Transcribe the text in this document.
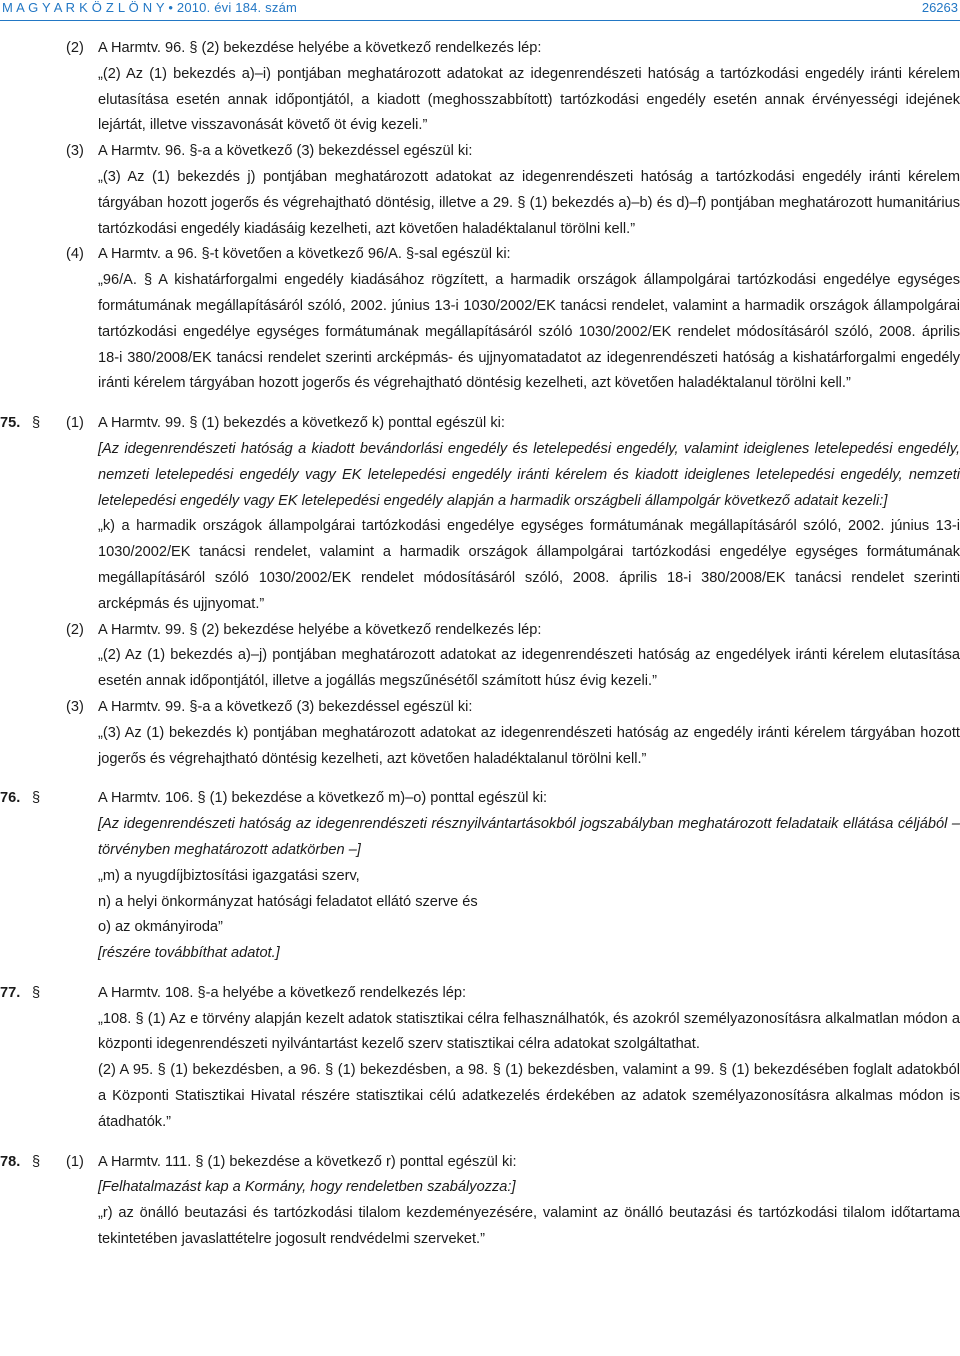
M A G Y A R K Ö Z L Ö N Y • 2010. évi 184. szám	26263
(2) A Harmtv. 96. § (2) bekezdése helyébe a következő rendelkezés lép:
„(2) Az (1) bekezdés a)–i) pontjában meghatározott adatokat az idegenrendészeti hatóság a tartózkodási engedély iránti kérelem elutasítása esetén annak időpontjától, a kiadott (meghosszabbított) tartózkodási engedély esetén annak érvényességi idejének lejártát, illetve visszavonását követő öt évig kezeli.”
(3) A Harmtv. 96. §-a a következő (3) bekezdéssel egészül ki:
„(3) Az (1) bekezdés j) pontjában meghatározott adatokat az idegenrendészeti hatóság a tartózkodási engedély iránti kérelem tárgyában hozott jogerős és végrehajtható döntésig, illetve a 29. § (1) bekezdés a)–b) és d)–f) pontjában meghatározott humanitárius tartózkodási engedély kiadásáig kezelheti, azt követően haladéktalanul törölni kell.”
(4) A Harmtv. a 96. §-t követően a következő 96/A. §-sal egészül ki:
„96/A. § A kishatárforgalmi engedély kiadásához rögzített, a harmadik országok állampolgárai tartózkodási engedélye egységes formátumának megállapításáról szóló, 2002. június 13-i 1030/2002/EK tanácsi rendelet, valamint a harmadik országok állampolgárai tartózkodási engedélye egységes formátumának megállapításáról szóló 1030/2002/EK rendelet módosításáról szóló, 2008. április 18-i 380/2008/EK tanácsi rendelet szerinti arcképmás- és ujjnyomatadatot az idegenrendészeti hatóság a kishatárforgalmi engedély iránti kérelem tárgyában hozott jogerős és végrehajtható döntésig kezelheti, azt követően haladéktalanul törölni kell.”
75. § (1) A Harmtv. 99. § (1) bekezdés a következő k) ponttal egészül ki:
[Az idegenrendészeti hatóság a kiadott bevándorlási engedély és letelepedési engedély, valamint ideiglenes letelepedési engedély, nemzeti letelepedési engedély vagy EK letelepedési engedély iránti kérelem és kiadott ideiglenes letelepedési engedély, nemzeti letelepedési engedély vagy EK letelepedési engedély alapján a harmadik országbeli állampolgár következő adatait kezeli:]
„k) a harmadik országok állampolgárai tartózkodási engedélye egységes formátumának megállapításáról szóló, 2002. június 13-i 1030/2002/EK tanácsi rendelet, valamint a harmadik országok állampolgárai tartózkodási engedélye egységes formátumának megállapításáról szóló 1030/2002/EK rendelet módosításáról szóló, 2008. április 18-i 380/2008/EK tanácsi rendelet szerinti arcképmás és ujjnyomat.”
(2) A Harmtv. 99. § (2) bekezdése helyébe a következő rendelkezés lép:
„(2) Az (1) bekezdés a)–j) pontjában meghatározott adatokat az idegenrendészeti hatóság az engedélyek iránti kérelem elutasítása esetén annak időpontjától, illetve a jogállás megszűnésétől számított húsz évig kezeli.”
(3) A Harmtv. 99. §-a a következő (3) bekezdéssel egészül ki:
„(3) Az (1) bekezdés k) pontjában meghatározott adatokat az idegenrendészeti hatóság az engedély iránti kérelem tárgyában hozott jogerős és végrehajtható döntésig kezelheti, azt követően haladéktalanul törölni kell.”
76. §	A Harmtv. 106. § (1) bekezdése a következő m)–o) ponttal egészül ki:
[Az idegenrendészeti hatóság az idegenrendészeti résznyilvántartásokból jogszabályban meghatározott feladataik ellátása céljából – törvényben meghatározott adatkörben –]
„m) a nyugdíjbiztosítási igazgatási szerv,
n) a helyi önkormányzat hatósági feladatot ellátó szerve és
o) az okmányiroda”
[részére továbbíthat adatot.]
77. §	A Harmtv. 108. §-a helyébe a következő rendelkezés lép:
„108. § (1) Az e törvény alapján kezelt adatok statisztikai célra felhasználhatók, és azokról személyazonosításra alkalmatlan módon a központi idegenrendészeti nyilvántartást kezelő szerv statisztikai célra adatokat szolgáltathat.
(2) A 95. § (1) bekezdésben, a 96. § (1) bekezdésben, a 98. § (1) bekezdésben, valamint a 99. § (1) bekezdésében foglalt adatokból a Központi Statisztikai Hivatal részére statisztikai célú adatkezelés érdekében az adatok személyazonosításra alkalmas módon is átadhatók.”
78. § (1) A Harmtv. 111. § (1) bekezdése a következő r) ponttal egészül ki:
[Felhatalmazást kap a Kormány, hogy rendeletben szabályozza:]
„r) az önálló beutazási és tartózkodási tilalom kezdeményezésére, valamint az önálló beutazási és tartózkodási tilalom időtartama tekintetében javaslattételre jogosult rendvédelmi szerveket.”
